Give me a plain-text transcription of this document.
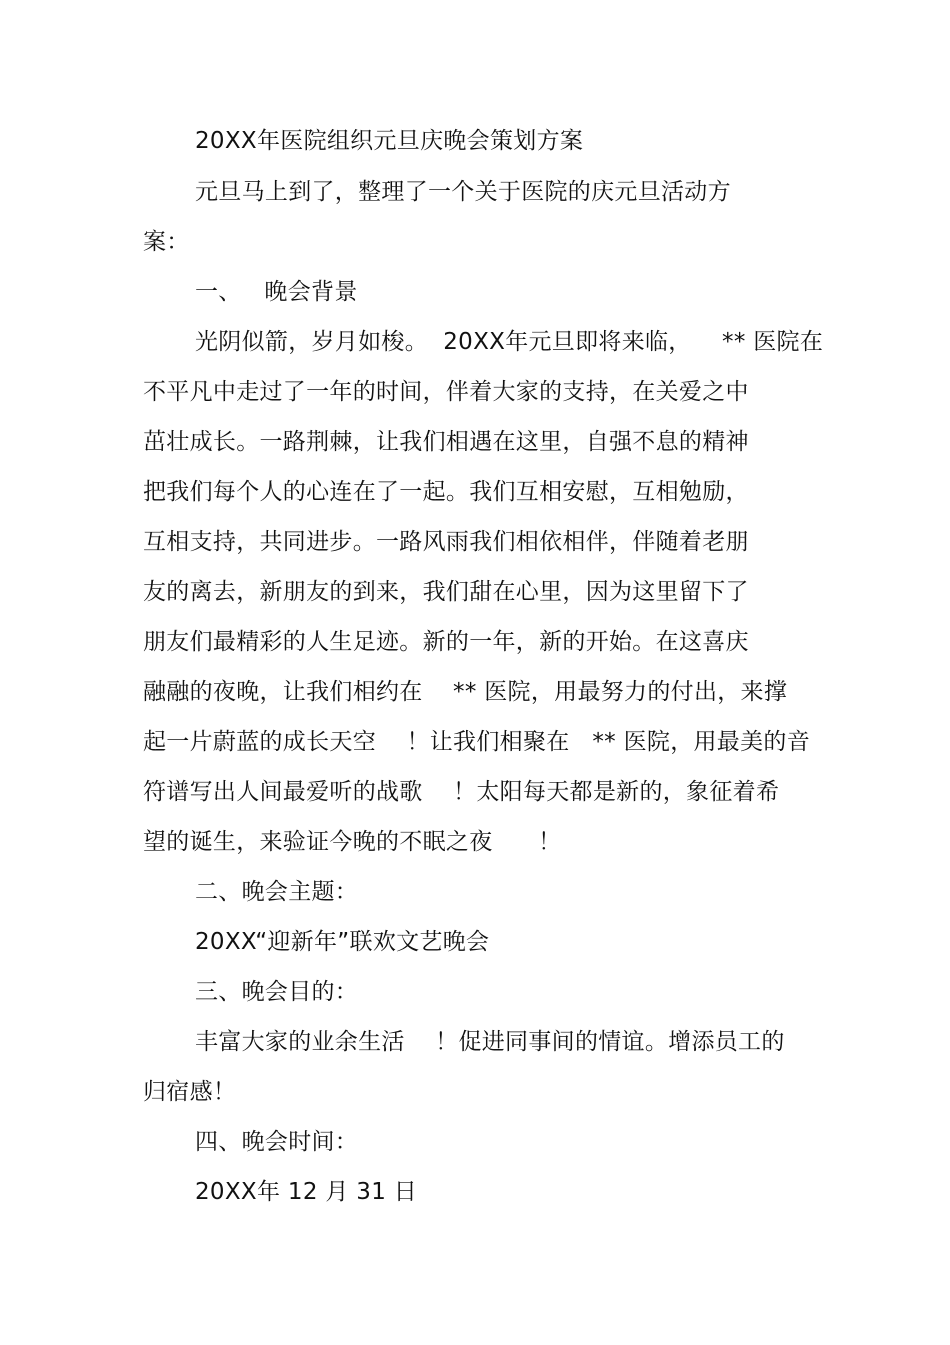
20XX年医院组织元旦庆晚会策划方案
元旦马上到了，整理了一个关于医院的庆元旦活动方
案：
一、   晚会背景
光阴似箭，岁月如梭。  20XX年元旦即将来临，    ** 医院在
不平凡中走过了一年的时间，伴着大家的支持，在关爱之中
茁壮成长。一路荆棘，让我们相遇在这里，自强不息的精神
把我们每个人的心连在了一起。我们互相安慰，互相勉励，
互相支持，共同进步。一路风雨我们相依相伴，伴随着老朋
友的离去，新朋友的到来，我们甜在心里，因为这里留下了
朋友们最精彩的人生足迹。新的一年，新的开始。在这喜庆
融融的夜晚，让我们相约在    ** 医院，用最努力的付出，来撑
起一片蔚蓝的成长天空    ！让我们相聚在   ** 医院，用最美的音
符谱写出人间最爱听的战歌    ！太阳每天都是新的，象征着希
望的诞生，来验证今晚的不眠之夜      ！
二、晚会主题：
20XX“迎新年”联欢文艺晚会
三、晚会目的：
丰富大家的业余生活    ！促进同事间的情谊。增添员工的
归宿感！
四、晚会时间：
20XX年 12 月 31 日
